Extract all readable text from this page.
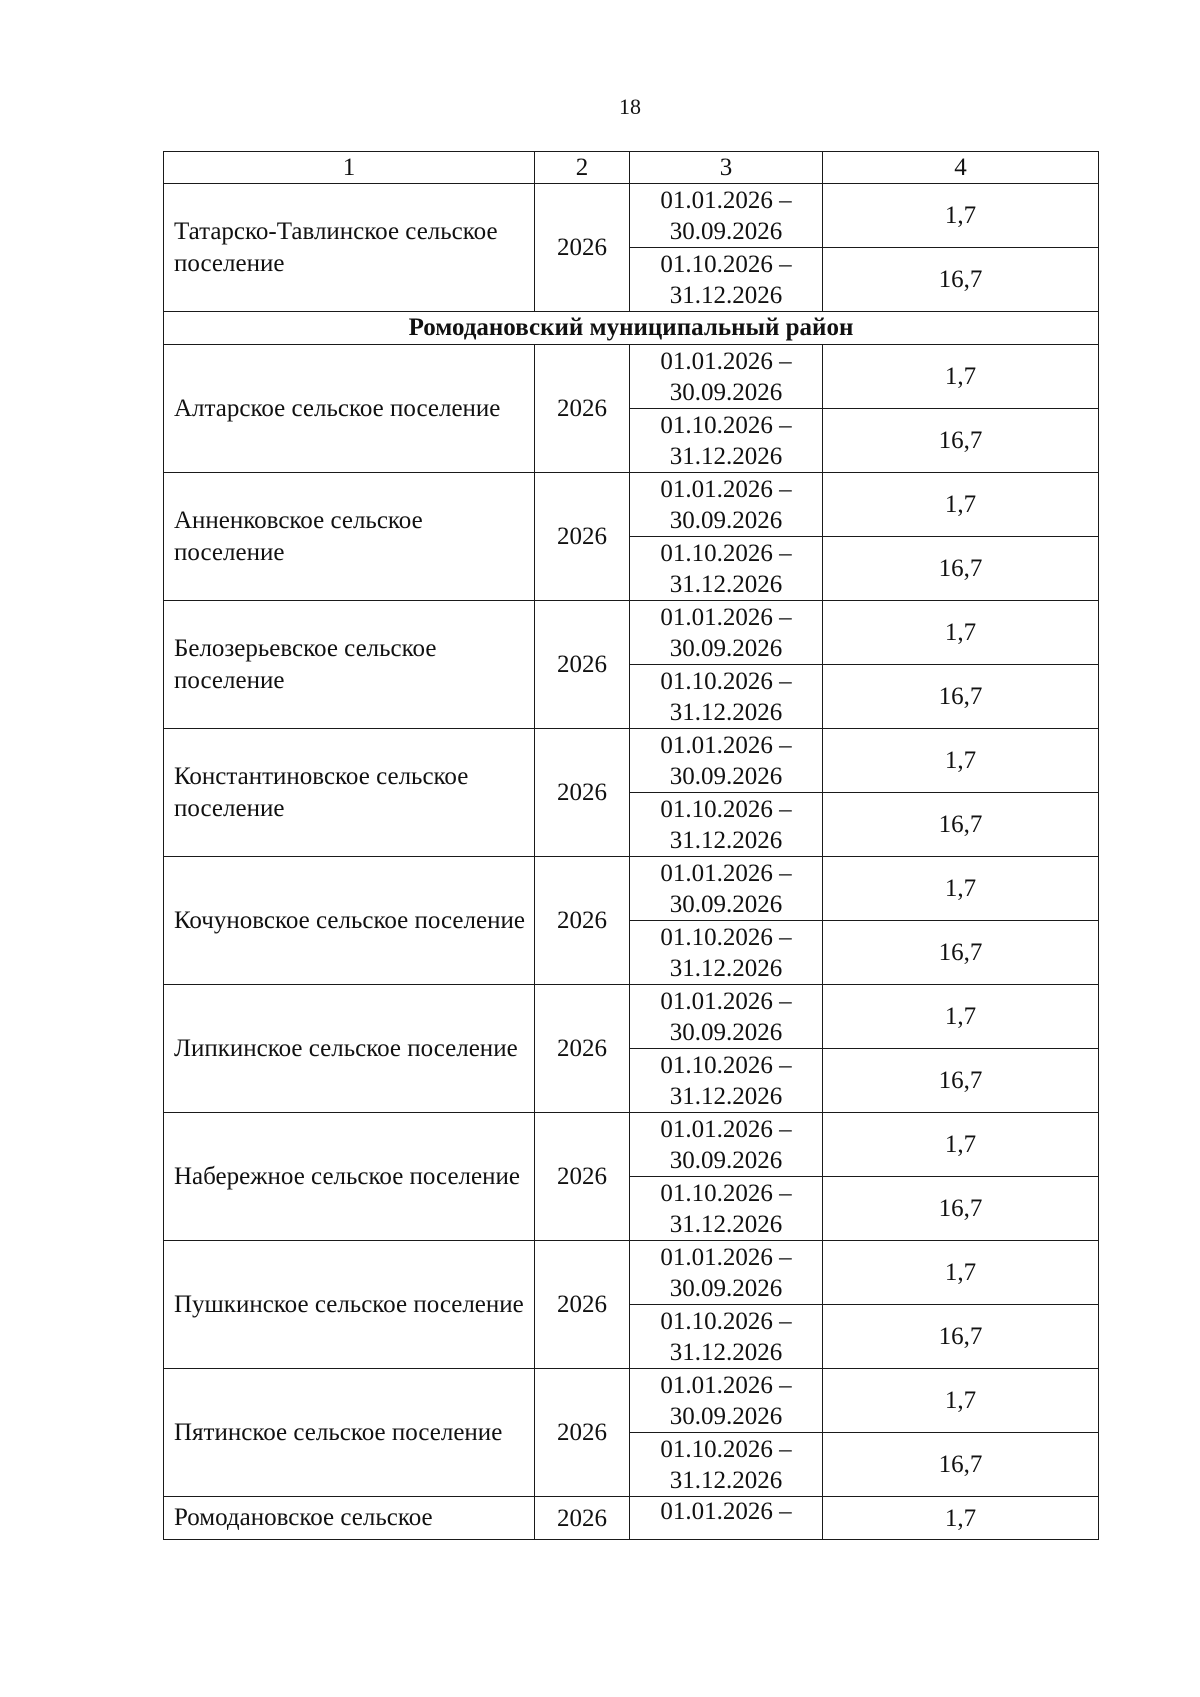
18
1	2	3	4
Татарско-Тавлинское сельское поселение	2026	01.01.2026 – 30.09.2026	1,7
		01.10.2026 – 31.12.2026	16,7
Ромодановский муниципальный район			
Алтарское сельское поселение	2026	01.01.2026 – 30.09.2026	1,7
		01.10.2026 – 31.12.2026	16,7
Анненковское сельское поселение	2026	01.01.2026 – 30.09.2026	1,7
		01.10.2026 – 31.12.2026	16,7
Белозерьевское сельское поселение	2026	01.01.2026 – 30.09.2026	1,7
		01.10.2026 – 31.12.2026	16,7
Константиновское сельское поселение	2026	01.01.2026 – 30.09.2026	1,7
		01.10.2026 – 31.12.2026	16,7
Кочуновское сельское поселение	2026	01.01.2026 – 30.09.2026	1,7
		01.10.2026 – 31.12.2026	16,7
Липкинское сельское поселение	2026	01.01.2026 – 30.09.2026	1,7
		01.10.2026 – 31.12.2026	16,7
Набережное сельское поселение	2026	01.01.2026 – 30.09.2026	1,7
		01.10.2026 – 31.12.2026	16,7
Пушкинское сельское поселение	2026	01.01.2026 – 30.09.2026	1,7
		01.10.2026 – 31.12.2026	16,7
Пятинское сельское поселение	2026	01.01.2026 – 30.09.2026	1,7
		01.10.2026 – 31.12.2026	16,7
Ромодановское сельское	2026	01.01.2026 –	1,7
